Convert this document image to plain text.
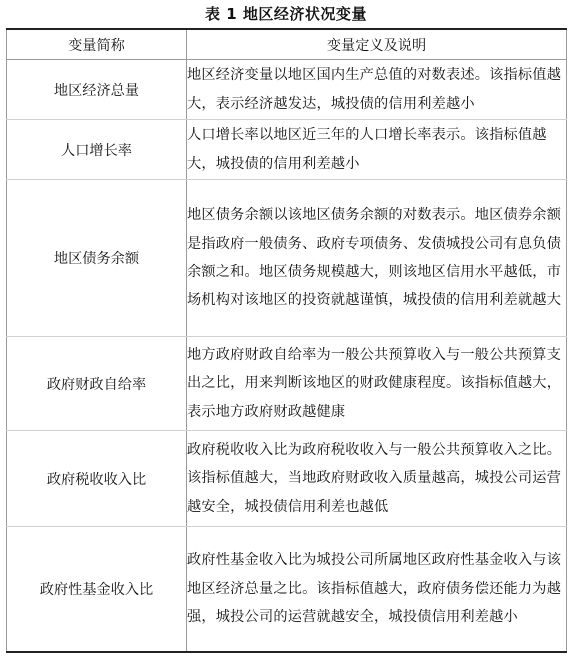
表 1 地区经济状况变量
变量简称	变量定义及说明
地区经济总量	地区经济变量以地区国内生产总值的对数表述。该指标值越大，表示经济越发达，城投债的信用利差越小
人口增长率	人口增长率以地区近三年的人口增长率表示。该指标值越大，城投债的信用利差越小
地区债务余额	地区债务余额以该地区债务余额的对数表示。地区债券余额是指政府一般债务、政府专项债务、发债城投公司有息负债余额之和。地区债务规模越大，则该地区信用水平越低，市场机构对该地区的投资就越谨慎，城投债的信用利差就越大
政府财政自给率	地方政府财政自给率为一般公共预算收入与一般公共预算支出之比，用来判断该地区的财政健康程度。该指标值越大，表示地方政府财政越健康
政府税收收入比	政府税收收入比为政府税收收入与一般公共预算收入之比。该指标值越大，当地政府财政收入质量越高，城投公司运营越安全，城投债信用利差也越低
政府性基金收入比	政府性基金收入比为城投公司所属地区政府性基金收入与该地区经济总量之比。该指标值越大，政府债务偿还能力为越强，城投公司的运营就越安全，城投债信用利差越小
